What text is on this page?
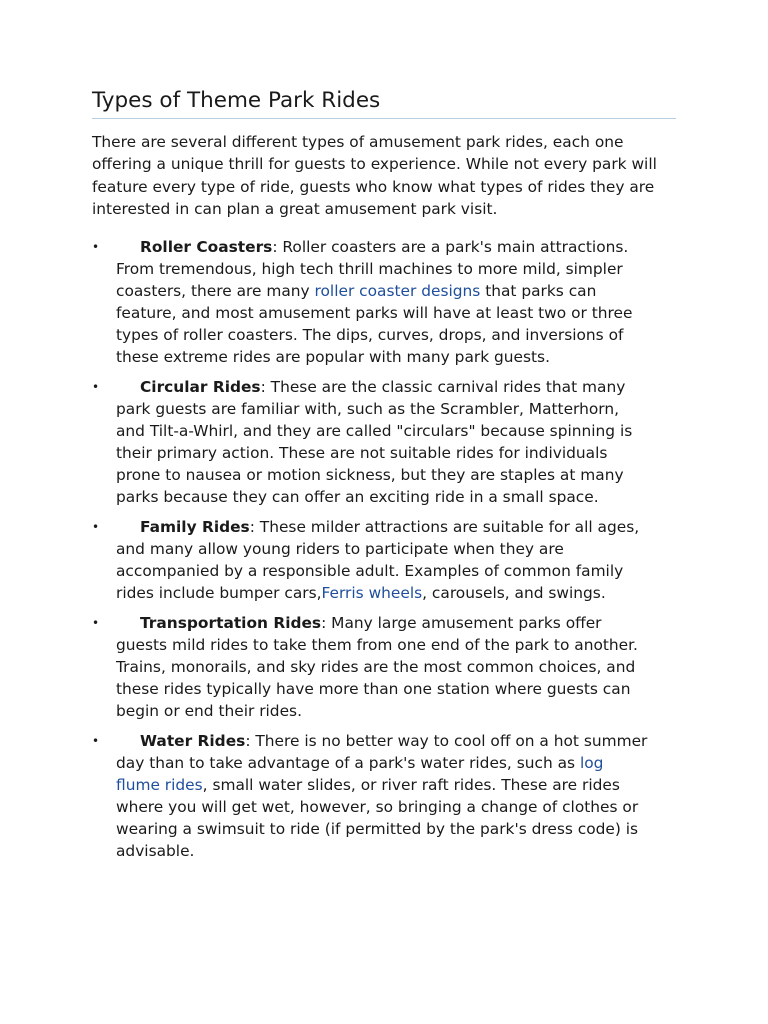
Types of Theme Park Rides

There are several different types of amusement park rides, each one offering a unique thrill for guests to experience. While not every park will feature every type of ride, guests who know what types of rides they are interested in can plan a great amusement park visit.

•	Roller Coasters: Roller coasters are a park's main attractions. From tremendous, high tech thrill machines to more mild, simpler coasters, there are many roller coaster designs that parks can feature, and most amusement parks will have at least two or three types of roller coasters. The dips, curves, drops, and inversions of these extreme rides are popular with many park guests.
•	Circular Rides: These are the classic carnival rides that many park guests are familiar with, such as the Scrambler, Matterhorn, and Tilt-a-Whirl, and they are called "circulars" because spinning is their primary action. These are not suitable rides for individuals prone to nausea or motion sickness, but they are staples at many parks because they can offer an exciting ride in a small space.
•	Family Rides: These milder attractions are suitable for all ages, and many allow young riders to participate when they are accompanied by a responsible adult. Examples of common family rides include bumper cars,Ferris wheels, carousels, and swings.
•	Transportation Rides: Many large amusement parks offer guests mild rides to take them from one end of the park to another. Trains, monorails, and sky rides are the most common choices, and these rides typically have more than one station where guests can begin or end their rides.
•	Water Rides: There is no better way to cool off on a hot summer day than to take advantage of a park's water rides, such as log flume rides, small water slides, or river raft rides. These are rides where you will get wet, however, so bringing a change of clothes or wearing a swimsuit to ride (if permitted by the park's dress code) is advisable.
